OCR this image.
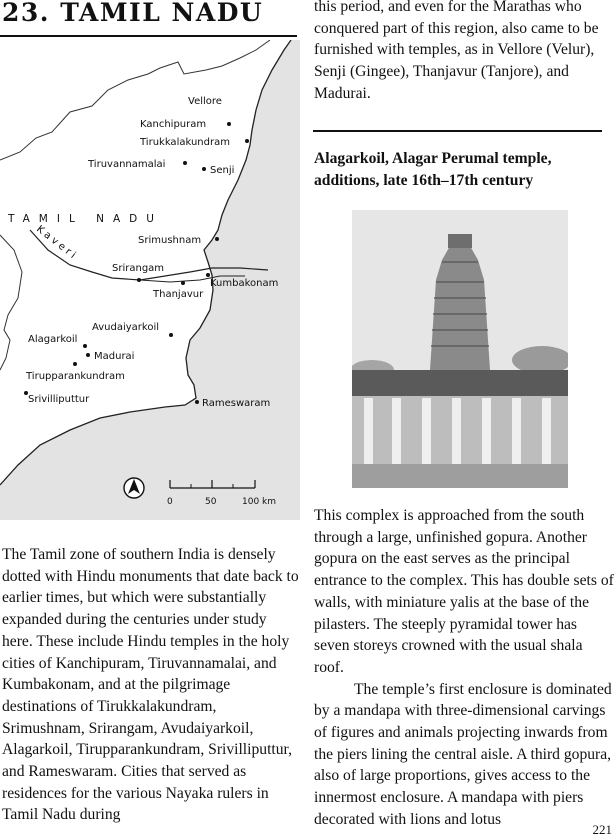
23. TAMIL NADU
TAMIL NADU
Kaveri
Vellore
Kanchipuram
Tirukkalakundram
Tiruvannamalai
Senji
Srimushnam
Srirangam
Kumbakonam
Thanjavur
Avudaiyarkoil
Alagarkoil
Madurai
Tirupparankundram
Srivilliputtur	Rameswaram
0	50	100 km

The Tamil zone of southern India is densely dotted with Hindu monuments that date back to earlier times, but which were substantially expanded during the centuries under study here. These include Hindu temples in the holy cities of Kanchipuram, Tiruvannamalai, and Kumbakonam, and at the pilgrimage destinations of Tirukkalakundram, Srimushnam, Srirangam, Avudaiyarkoil, Alagarkoil, Tirupparankundram, Srivilliputtur, and Rameswaram. Cities that served as residences for the various Nayaka rulers in Tamil Nadu during

this period, and even for the Marathas who conquered part of this region, also came to be furnished with temples, as in Vellore (Velur), Senji (Gingee), Thanjavur (Tanjore), and Madurai.

Alagarkoil, Alagar Perumal temple, additions, late 16th–17th century

This complex is approached from the south through a large, unfinished gopura. Another gopura on the east serves as the principal entrance to the complex. This has double sets of walls, with miniature yalis at the base of the pilasters. The steeply pyramidal tower has seven storeys crowned with the usual shala roof.

The temple’s first enclosure is dominated by a mandapa with three-dimensional carvings of figures and animals projecting inwards from the piers lining the central aisle. A third gopura, also of large proportions, gives access to the innermost enclosure. A mandapa with piers decorated with lions and lotus

221
